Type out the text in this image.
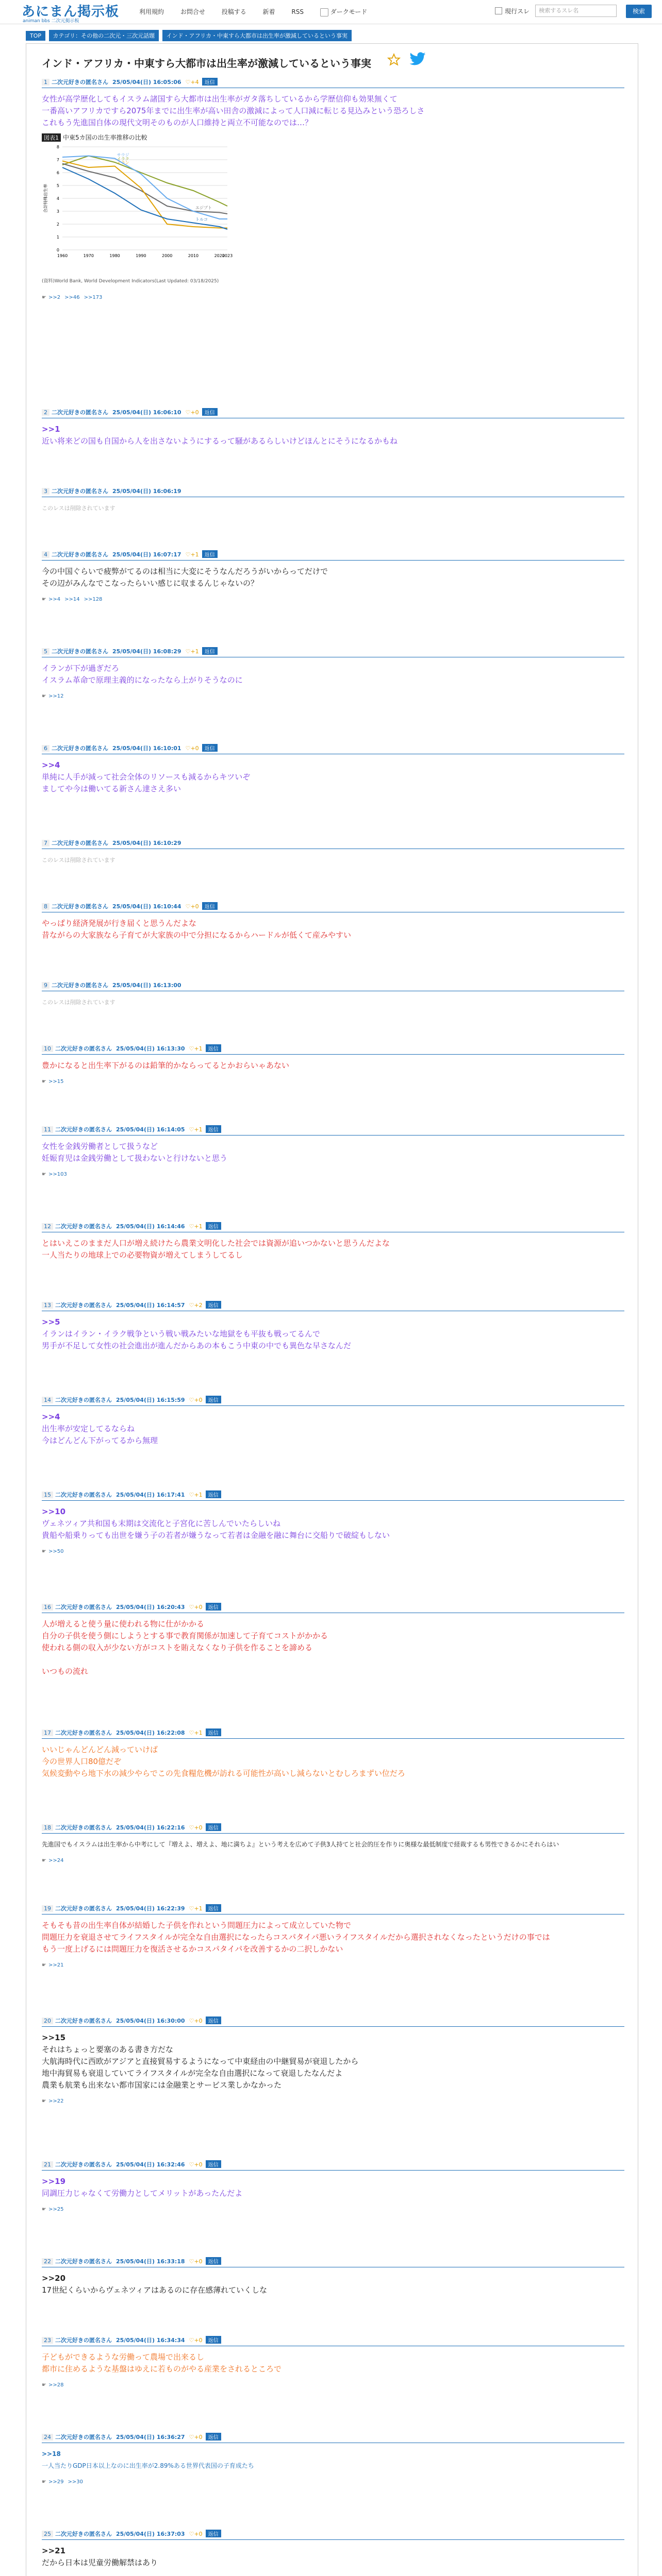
あにまん掲示板
animan bbs 二次元掲示板
利用規約	お問合せ	投稿する	新着	RSS	ダークモード	現行スレ 検索するスレ名	検索
TOP カテゴリ：その他の二次元・三次元話題 インド・アフリカ・中東すら大都市は出生率が激減しているという事実
インド・アフリカ・中東すら大都市は出生率が激減しているという事実
1 二次元好きの匿名さん 25/05/04(日) 16:05:06 ♡+4 返信
女性が高学歴化してもイスラム諸国すら大都市は出生率がガタ落ちしているから学歴信仰も効果無くて
一番高いアフリカですら2075年までに出生率が高い田舎の激減によって人口減に転じる見込みという恐ろしさ
これもう先進国自体の現代文明そのものが人口維持と両立不可能なのでは…？
図表1 中東5カ国の出生率推移の比較
0
1
2
3
4
5
6
7
8
1960	1970	1980	1990	2000	2010	2020
2023
合計特殊出生率
イラク
エジプト
イラン
トルコ
サウジ
(資料)World Bank, World Development Indicators(Last Updated: 03/18/2025)
☛ >>2 >>46 >>173
2 二次元好きの匿名さん 25/05/04(日) 16:06:10 ♡+0 返信
>>1
近い将来どの国も自国から人を出さないようにするって騒があるらしいけどほんとにそうになるかもね
3 二次元好きの匿名さん 25/05/04(日) 16:06:19
このレスは削除されています
4 二次元好きの匿名さん 25/05/04(日) 16:07:17 ♡+1 返信
今の中国ぐらいで疲弊がてるのは相当に大変にそうなんだろうがいからってだけで
その辺がみんなでこなったらいい感じに収まるんじゃないの？
☛ >>4 >>14 >>128
5 二次元好きの匿名さん 25/05/04(日) 16:08:29 ♡+1 返信
イランが下が過ぎだろ
イスラム革命で原理主義的になったなら上がりそうなのに
☛ >>12
6 二次元好きの匿名さん 25/05/04(日) 16:10:01 ♡+0 返信
>>4
単純に人手が減って社会全体のリソースも減るからキツいぞ
ましてや今は働いてる新さん達さえ多い
7 二次元好きの匿名さん 25/05/04(日) 16:10:29
このレスは削除されています
8 二次元好きの匿名さん 25/05/04(日) 16:10:44 ♡+0 返信
やっぱり経済発展が行き届くと思うんだよな
昔ながらの大家族なら子育てが大家族の中で分担になるからハードルが低くて産みやすい
9 二次元好きの匿名さん 25/05/04(日) 16:13:00
このレスは削除されています
10 二次元好きの匿名さん 25/05/04(日) 16:13:30 ♡+1 返信
豊かになると出生率下がるのは鉛筆的かならってるとかおらいゃあない
☛ >>15
11 二次元好きの匿名さん 25/05/04(日) 16:14:05 ♡+1 返信
女性を金銭労働者として扱うなど
妊娠育児は金銭労働として扱わないと行けないと思う
☛ >>103
12 二次元好きの匿名さん 25/05/04(日) 16:14:46 ♡+1 返信
とはいえこのままだ人口が増え続けたら農業文明化した社会では資源が追いつかないと思うんだよな
一人当たりの地球上での必要物資が増えてしまうしてるし
13 二次元好きの匿名さん 25/05/04(日) 16:14:57 ♡+2 返信
>>5
イランはイラン・イラク戦争という戦い戦みたいな地獄をも平抜も戦ってるんで
男手が不足して女性の社会進出が進んだからあの本もこう中東の中でも異色な早さなんだ
14 二次元好きの匿名さん 25/05/04(日) 16:15:59 ♡+0 返信
>>4
出生率が安定してるならね
今はどんどん下がってるから無理
15 二次元好きの匿名さん 25/05/04(日) 16:17:41 ♡+1 返信
>>10
ヴェネツィア共和国も末期は交流化と子宮化に苦しんでいたらしいね
貴船や船乗りっても出世を嫌う子の若者が嫌うなって若者は金融を融に舞台に交船りで破綻もしない
☛ >>50
16 二次元好きの匿名さん 25/05/04(日) 16:20:43 ♡+0 返信
人が増えると使う量に使われる物に仕がかかる
自分の子供を使う側にしようとする事で教育関係が加速して子育てコストがかかる
使われる側の収入が少ない方がコストを賄えなくなり子供を作ることを諦める

いつもの流れ
17 二次元好きの匿名さん 25/05/04(日) 16:22:08 ♡+1 返信
いいじゃんどんどん減っていけば
今の世界人口80億だぞ
気候変動やら地下水の減少やらでこの先食糧危機が訪れる可能性が高いし減らないとむしろまずい位だろ
18 二次元好きの匿名さん 25/05/04(日) 16:22:16 ♡+0 返信
先進国でもイスラムは出生率から中考にして『増えよ、増えよ、地に満ちよ』という考えを広めて子供3人持てと社会的圧を作りに奥様な最低制度で経裁するも男性できるかにそれらはい
☛ >>24
19 二次元好きの匿名さん 25/05/04(日) 16:22:39 ♡+1 返信
そもそも昔の出生率自体が結婚した子供を作れという問題圧力によって成立していた物で
問題圧力を衰退させてライフスタイルが完全な自由選択になったらコスパタイパ悪いライフスタイルだから選択されなくなったというだけの事では
もう一度上げるには問題圧力を復活させるかコスパタイパを改善するかの二択しかない
☛ >>21
20 二次元好きの匿名さん 25/05/04(日) 16:30:00 ♡+0 返信
>>15
それはちょっと要塞のある書き方だな
大航海時代に西欧がアジアと直接貿易するようになって中東経由の中継貿易が衰退したから
地中海貿易も衰退していてライフスタイルが完全な自由選択になって衰退したなんだよ
農業も航業も出来ない都市国家には金融業とサービス業しかなかった
☛ >>22
21 二次元好きの匿名さん 25/05/04(日) 16:32:46 ♡+0 返信
>>19
同調圧力じゃなくて労働力としてメリットがあったんだよ
☛ >>25
22 二次元好きの匿名さん 25/05/04(日) 16:33:18 ♡+0 返信
>>20
17世紀くらいからヴェネツィアはあるのに存在感薄れていくしな
23 二次元好きの匿名さん 25/05/04(日) 16:34:34 ♡+0 返信
子どもができるような労働って農場で出来るし
都市に住めるような基盤はゆえに若ものがやる産業をされるところで
☛ >>28
24 二次元好きの匿名さん 25/05/04(日) 16:36:27 ♡+0 返信
>>18
一人当たりGDP日本以上なのに出生率が2.89%ある世界代表国の子育成たち
☛ >>29 >>30
25 二次元好きの匿名さん 25/05/04(日) 16:37:03 ♡+0 返信
>>21
だから日本は児童労働解禁はあり
